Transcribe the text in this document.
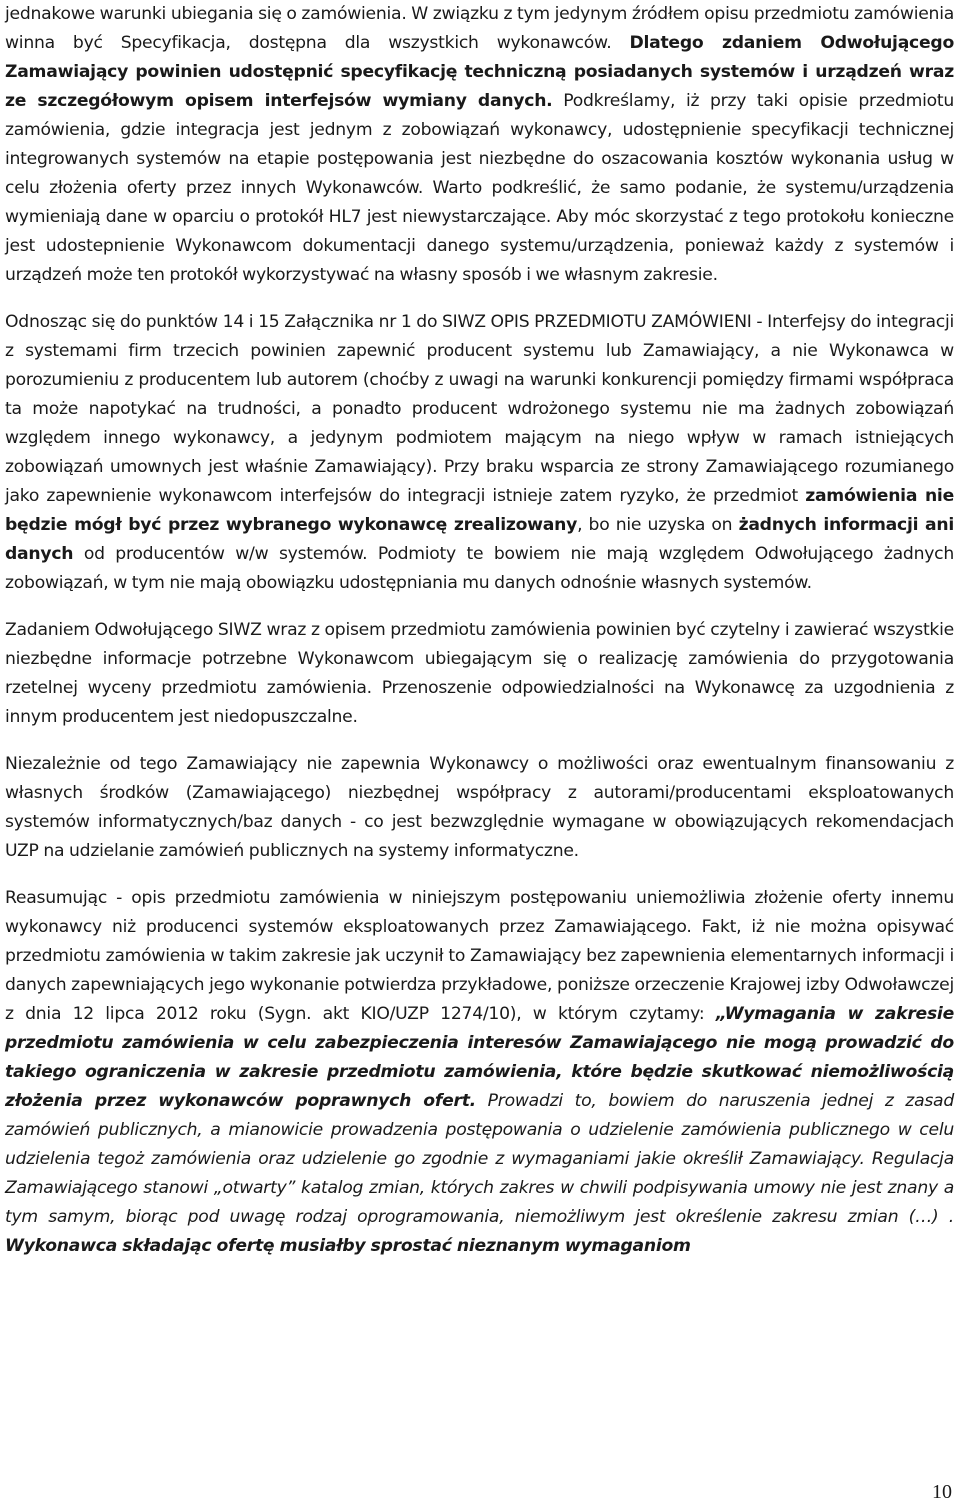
jednakowe warunki ubiegania się o zamówienia. W związku z tym jedynym źródłem opisu przedmiotu zamówienia winna być Specyfikacja, dostępna dla wszystkich wykonawców. Dlatego zdaniem Odwołującego Zamawiający powinien udostępnić specyfikację techniczną posiadanych systemów i urządzeń wraz ze szczegółowym opisem interfejsów wymiany danych. Podkreślamy, iż przy taki opisie przedmiotu zamówienia, gdzie integracja jest jednym z zobowiązań wykonawcy, udostępnienie specyfikacji technicznej integrowanych systemów na etapie postępowania jest niezbędne do oszacowania kosztów wykonania usług w celu złożenia oferty przez innych Wykonawców. Warto podkreślić, że samo podanie, że systemu/urządzenia wymieniają dane w oparciu o protokół HL7 jest niewystarczające. Aby móc skorzystać z tego protokołu konieczne jest udostepnienie Wykonawcom dokumentacji danego systemu/urządzenia, ponieważ każdy z systemów i urządzeń może ten protokół wykorzystywać na własny sposób i we własnym zakresie.

Odnosząc się do punktów 14 i 15 Załącznika nr 1 do SIWZ OPIS PRZEDMIOTU ZAMÓWIENI - Interfejsy do integracji z systemami firm trzecich powinien zapewnić producent systemu lub Zamawiający, a nie Wykonawca w porozumieniu z producentem lub autorem (choćby z uwagi na warunki konkurencji pomiędzy firmami współpraca ta może napotykać na trudności, a ponadto producent wdrożonego systemu nie ma żadnych zobowiązań względem innego wykonawcy, a jedynym podmiotem mającym na niego wpływ w ramach istniejących zobowiązań umownych jest właśnie Zamawiający). Przy braku wsparcia ze strony Zamawiającego rozumianego jako zapewnienie wykonawcom interfejsów do integracji istnieje zatem ryzyko, że przedmiot zamówienia nie będzie mógł być przez wybranego wykonawcę zrealizowany, bo nie uzyska on żadnych informacji ani danych od producentów w/w systemów. Podmioty te bowiem nie mają względem Odwołującego żadnych zobowiązań, w tym nie mają obowiązku udostępniania mu danych odnośnie własnych systemów.

Zadaniem Odwołującego SIWZ wraz z opisem przedmiotu zamówienia powinien być czytelny i zawierać wszystkie niezbędne informacje potrzebne Wykonawcom ubiegającym się o realizację zamówienia do przygotowania rzetelnej wyceny przedmiotu zamówienia. Przenoszenie odpowiedzialności na Wykonawcę za uzgodnienia z innym producentem jest niedopuszczalne.

Niezależnie od tego Zamawiający nie zapewnia Wykonawcy o możliwości oraz ewentualnym finansowaniu z własnych środków (Zamawiającego) niezbędnej współpracy z autorami/producentami eksploatowanych systemów informatycznych/baz danych - co jest bezwzględnie wymagane w obowiązujących rekomendacjach UZP na udzielanie zamówień publicznych na systemy informatyczne.

Reasumując - opis przedmiotu zamówienia w niniejszym postępowaniu uniemożliwia złożenie oferty innemu wykonawcy niż producenci systemów eksploatowanych przez Zamawiającego. Fakt, iż nie można opisywać przedmiotu zamówienia w takim zakresie jak uczynił to Zamawiający bez zapewnienia elementarnych informacji i danych zapewniających jego wykonanie potwierdza przykładowe, poniższe orzeczenie Krajowej izby Odwoławczej z dnia 12 lipca 2012 roku (Sygn. akt KIO/UZP 1274/10), w którym czytamy: „Wymagania w zakresie przedmiotu zamówienia w celu zabezpieczenia interesów Zamawiającego nie mogą prowadzić do takiego ograniczenia w zakresie przedmiotu zamówienia, które będzie skutkować niemożliwością złożenia przez wykonawców poprawnych ofert. Prowadzi to, bowiem do naruszenia jednej z zasad zamówień publicznych, a mianowicie prowadzenia postępowania o udzielenie zamówienia publicznego w celu udzielenia tegoż zamówienia oraz udzielenie go zgodnie z wymaganiami jakie określił Zamawiający. Regulacja Zamawiającego stanowi „otwarty” katalog zmian, których zakres w chwili podpisywania umowy nie jest znany a tym samym, biorąc pod uwagę rodzaj oprogramowania, niemożliwym jest określenie zakresu zmian (…) . Wykonawca składając ofertę musiałby sprostać nieznanym wymaganiom

10
